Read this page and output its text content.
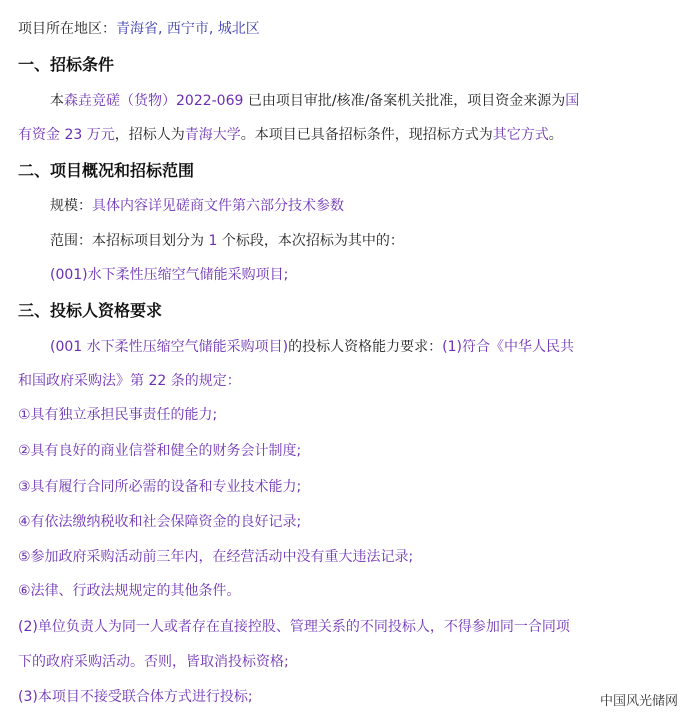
项目所在地区：青海省, 西宁市, 城北区
一、招标条件
本森垚竞磋（货物）2022-069 已由项目审批/核准/备案机关批准，项目资金来源为国
有资金 23 万元，招标人为青海大学。本项目已具备招标条件，现招标方式为其它方式。
二、项目概况和招标范围
规模：具体内容详见磋商文件第六部分技术参数
范围：本招标项目划分为 1 个标段，本次招标为其中的：
(001)水下柔性压缩空气储能采购项目;
三、投标人资格要求
(001 水下柔性压缩空气储能采购项目)的投标人资格能力要求：(1)符合《中华人民共
和国政府采购法》第 22 条的规定：
①具有独立承担民事责任的能力;
②具有良好的商业信誉和健全的财务会计制度;
③具有履行合同所必需的设备和专业技术能力;
④有依法缴纳税收和社会保障资金的良好记录;
⑤参加政府采购活动前三年内，在经营活动中没有重大违法记录;
⑥法律、行政法规规定的其他条件。
(2)单位负责人为同一人或者存在直接控股、管理关系的不同投标人，不得参加同一合同项
下的政府采购活动。否则，皆取消投标资格;
(3)本项目不接受联合体方式进行投标;	中国风光储网
